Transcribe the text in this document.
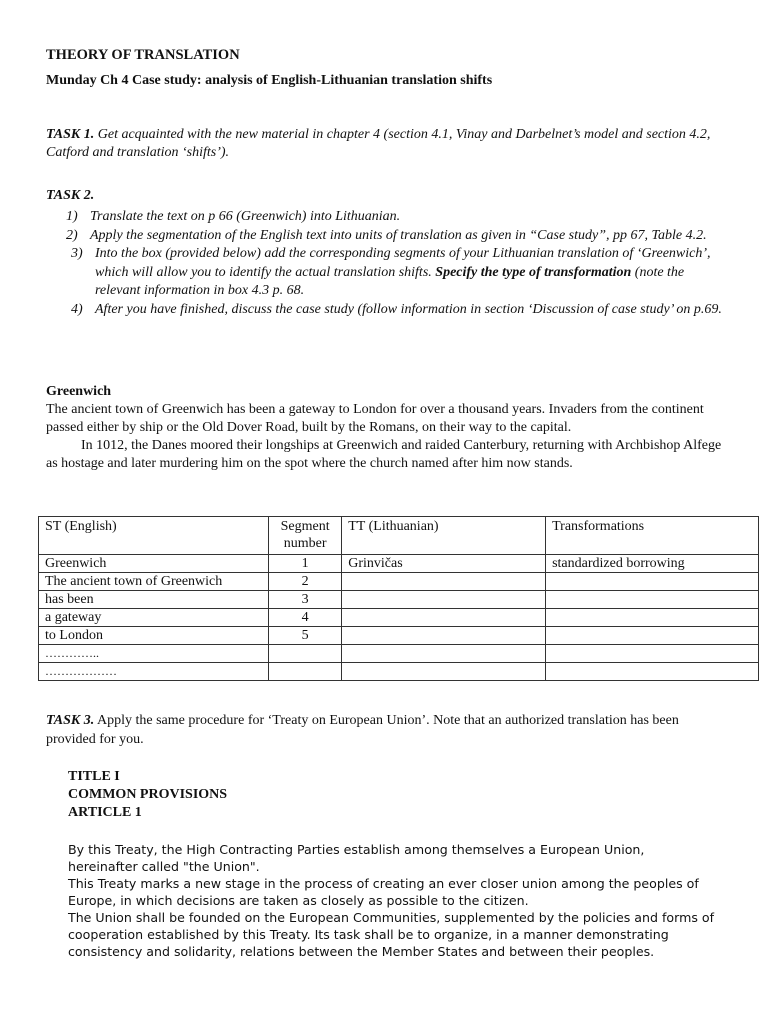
THEORY OF TRANSLATION
Munday Ch 4 Case study: analysis of English-Lithuanian translation shifts

TASK 1. Get acquainted with the new material in chapter 4 (section 4.1, Vinay and Darbelnet’s model and section 4.2, Catford and translation ‘shifts’).

TASK 2.
1) Translate the text on p 66 (Greenwich) into Lithuanian.
2) Apply the segmentation of the English text into units of translation as given in “Case study”, pp 67, Table 4.2.
3) Into the box (provided below) add the corresponding segments of your Lithuanian translation of ‘Greenwich’, which will allow you to identify the actual translation shifts. Specify the type of transformation (note the relevant information in box 4.3 p. 68.
4) After you have finished, discuss the case study (follow information in section ‘Discussion of case study’ on p.69.
Greenwich

The ancient town of Greenwich has been a gateway to London for over a thousand years. Invaders from the continent passed either by ship or the Old Dover Road, built by the Romans, on their way to the capital.

In 1012, the Danes moored their longships at Greenwich and raided Canterbury, returning with Archbishop Alfege as hostage and later murdering him on the spot where the church named after him now stands.

ST (English)	Segment number	TT (Lithuanian)	Transformations
Greenwich	1	Grinvičas	standardized borrowing
The ancient town of Greenwich	2		
has been	3		
a gateway	4		
to London	5		
…………..			
………………			

TASK 3. Apply the same procedure for ‘Treaty on European Union’. Note that an authorized translation has been provided for you.

TITLE I
COMMON PROVISIONS
ARTICLE 1

By this Treaty, the High Contracting Parties establish among themselves a European Union, hereinafter called "the Union".

This Treaty marks a new stage in the process of creating an ever closer union among the peoples of Europe, in which decisions are taken as closely as possible to the citizen.

The Union shall be founded on the European Communities, supplemented by the policies and forms of cooperation established by this Treaty. Its task shall be to organize, in a manner demonstrating consistency and solidarity, relations between the Member States and between their peoples.
